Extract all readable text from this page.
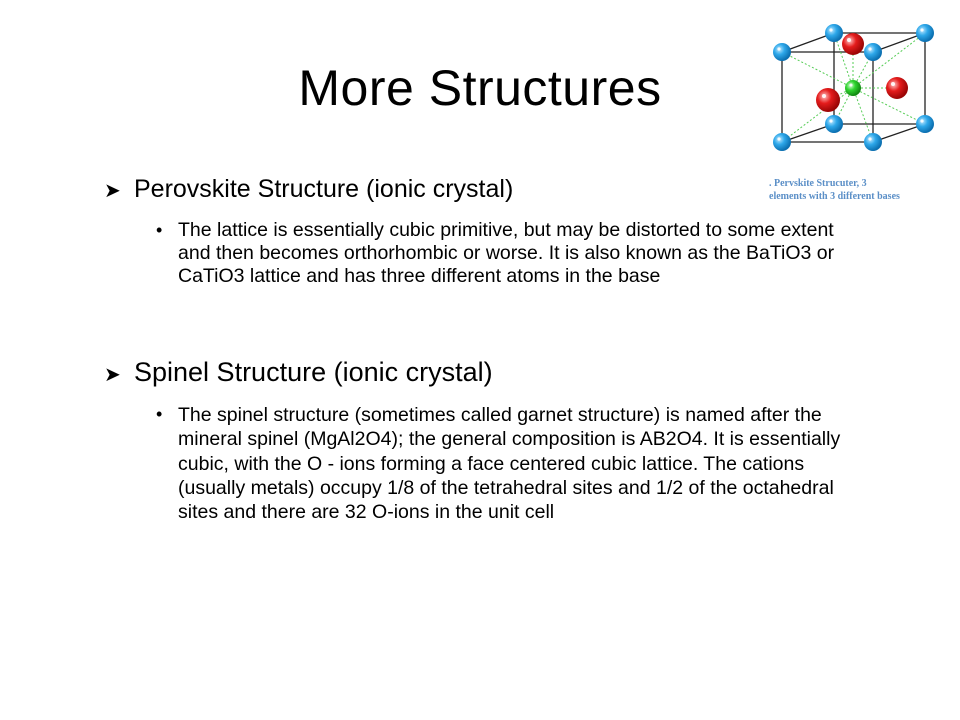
More Structures
. Pervskite Strucuter, 3
elements with 3 different bases
➤ Perovskite Structure (ionic crystal)
• The lattice is essentially cubic primitive, but may be distorted to some extent and then becomes orthorhombic or worse. It is also known as the BaTiO3 or CaTiO3 lattice and has three different atoms in the base
➤ Spinel Structure (ionic crystal)
• The spinel structure (sometimes called garnet structure) is named after the mineral spinel (MgAl2O4); the general composition is AB2O4. It is essentially cubic, with the O - ions forming a face centered cubic lattice. The cations (usually metals) occupy 1/8 of the tetrahedral sites and 1/2 of the octahedral sites and there are 32 O-ions in the unit cell
